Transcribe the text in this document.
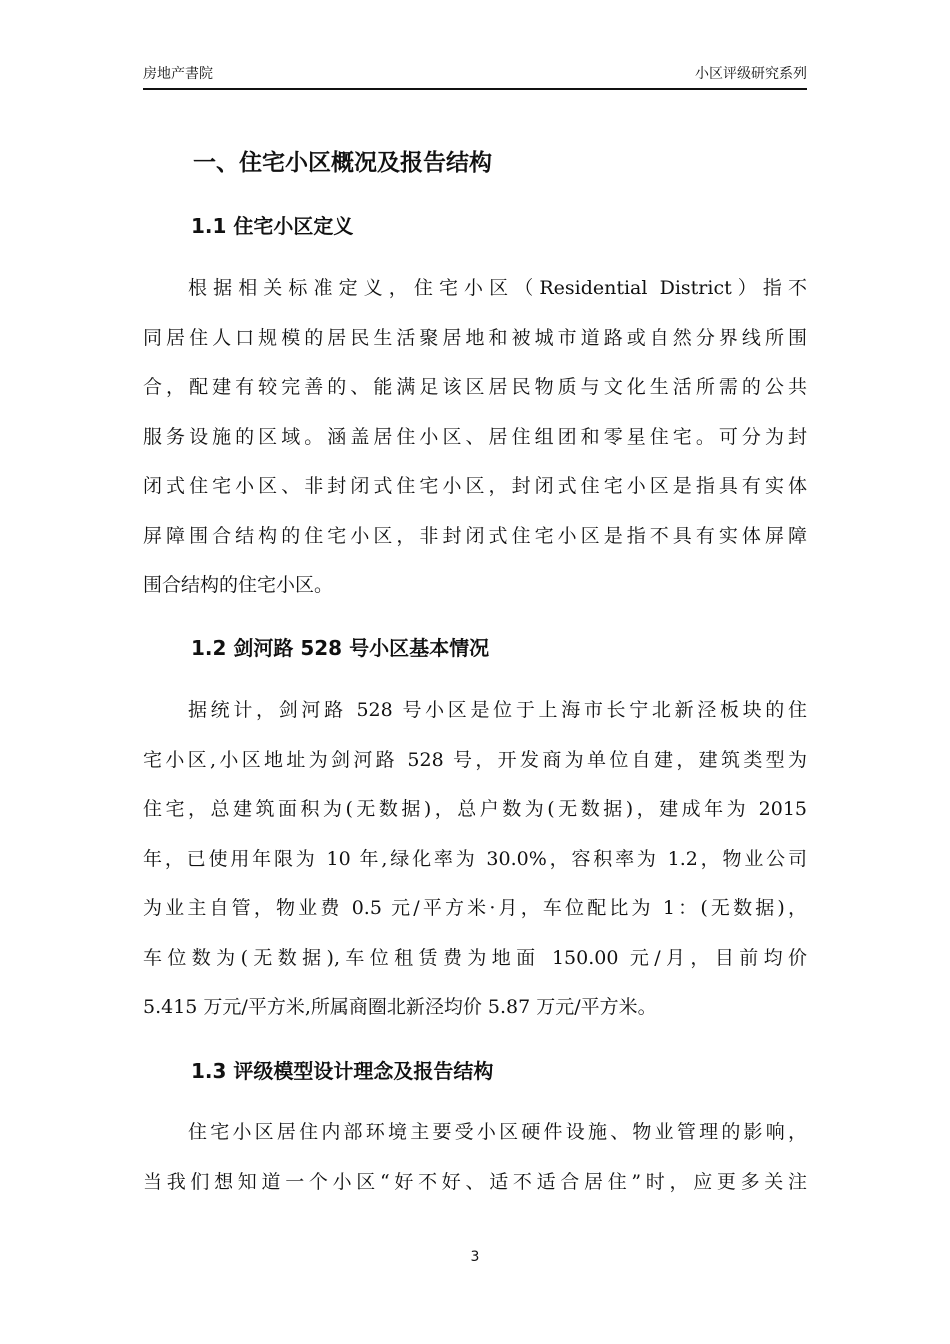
房地产書院	小区评级研究系列
一、住宅小区概况及报告结构
1.1 住宅小区定义
根据相关标准定义，住宅小区（Residential District）指不
同居住人口规模的居民生活聚居地和被城市道路或自然分界线所围
合，配建有较完善的、能满足该区居民物质与文化生活所需的公共
服务设施的区域。涵盖居住小区、居住组团和零星住宅。可分为封
闭式住宅小区、非封闭式住宅小区，封闭式住宅小区是指具有实体
屏障围合结构的住宅小区，非封闭式住宅小区是指不具有实体屏障
围合结构的住宅小区。
1.2 剑河路 528 号小区基本情况
据统计，剑河路 528 号小区是位于上海市长宁北新泾板块的住
宅小区,小区地址为剑河路 528 号，开发商为单位自建，建筑类型为
住宅，总建筑面积为(无数据)，总户数为(无数据)，建成年为 2015
年，已使用年限为 10 年,绿化率为 30.0%，容积率为 1.2，物业公司
为业主自管，物业费 0.5 元/平方米·月，车位配比为 1：(无数据)，
车位数为(无数据),车位租赁费为地面 150.00 元/月，目前均价
5.415 万元/平方米,所属商圈北新泾均价 5.87 万元/平方米。
1.3 评级模型设计理念及报告结构
住宅小区居住内部环境主要受小区硬件设施、物业管理的影响，
当我们想知道一个小区“好不好、适不适合居住”时，应更多关注
3
